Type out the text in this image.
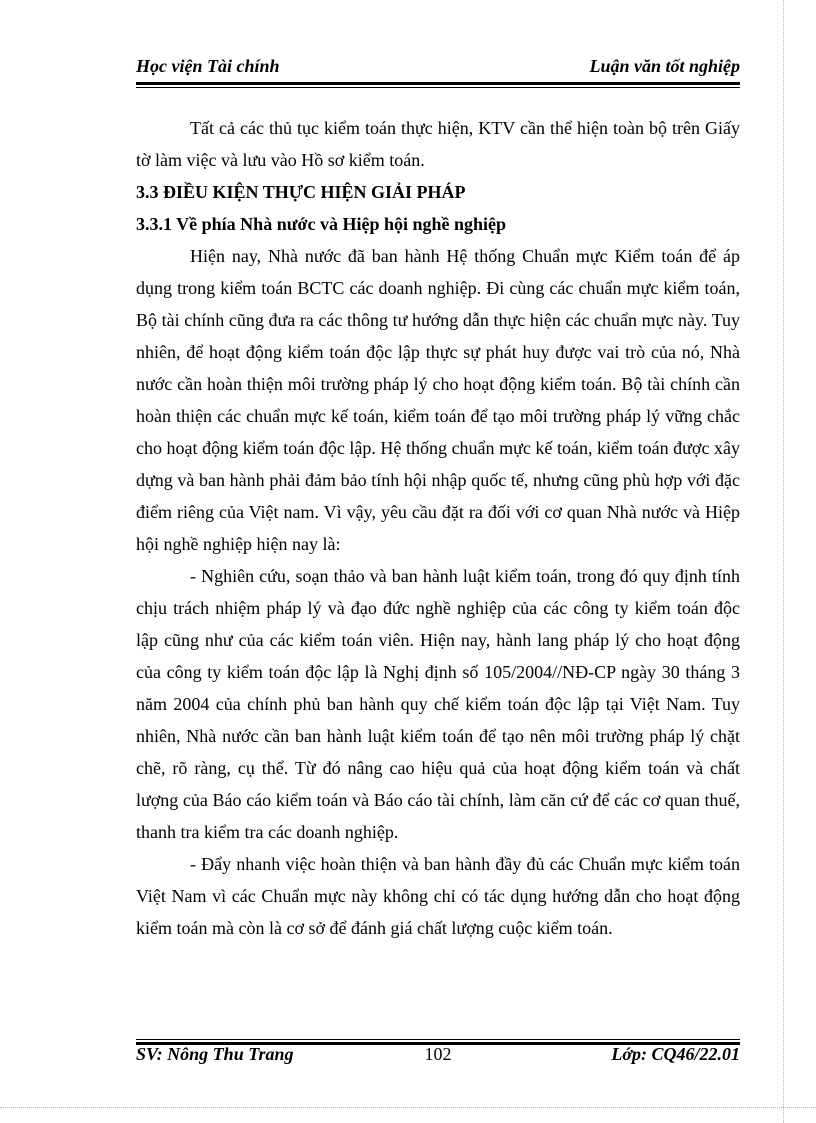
Học viện Tài chính	Luận văn tốt nghiệp

Tất cả các thủ tục kiểm toán thực hiện, KTV cần thể hiện toàn bộ trên Giấy tờ làm việc và lưu vào Hồ sơ kiểm toán.

3.3 ĐIỀU KIỆN THỰC HIỆN GIẢI PHÁP

3.3.1 Về phía Nhà nước và Hiệp hội nghề nghiệp

Hiện nay, Nhà nước đã ban hành Hệ thống Chuẩn mực Kiểm toán để áp dụng trong kiểm toán BCTC các doanh nghiệp. Đi cùng các chuẩn mực kiểm toán, Bộ tài chính cũng đưa ra các thông tư hướng dẫn thực hiện các chuẩn mực này. Tuy nhiên, để hoạt động kiểm toán độc lập thực sự phát huy được vai trò của nó, Nhà nước cần hoàn thiện môi trường pháp lý cho hoạt động kiểm toán. Bộ tài chính cần hoàn thiện các chuẩn mực kế toán, kiểm toán để tạo môi trường pháp lý vững chắc cho hoạt động kiểm toán độc lập. Hệ thống chuẩn mực kế toán, kiểm toán được xây dựng và ban hành phải đảm bảo tính hội nhập quốc tế, nhưng cũng phù hợp với đặc điểm riêng của Việt nam. Vì vậy, yêu cầu đặt ra đối với cơ quan Nhà nước và Hiệp hội nghề nghiệp hiện nay là:

- Nghiên cứu, soạn thảo và ban hành luật kiểm toán, trong đó quy định tính chịu trách nhiệm pháp lý và đạo đức nghề nghiệp của các công ty kiểm toán độc lập cũng như của các kiểm toán viên. Hiện nay, hành lang pháp lý cho hoạt động của công ty kiểm toán độc lập là Nghị định số 105/2004//NĐ-CP ngày 30 tháng 3 năm 2004 của chính phủ ban hành quy chế kiểm toán độc lập tại Việt Nam. Tuy nhiên, Nhà nước cần ban hành luật kiểm toán để tạo nên môi trường pháp lý chặt chẽ, rõ ràng, cụ thể. Từ đó nâng cao hiệu quả của hoạt động kiểm toán và chất lượng của Báo cáo kiểm toán và Báo cáo tài chính, làm căn cứ để các cơ quan thuế, thanh tra kiểm tra các doanh nghiệp.

- Đẩy nhanh việc hoàn thiện và ban hành đầy đủ các Chuẩn mực kiểm toán Việt Nam vì các Chuẩn mực này không chỉ có tác dụng hướng dẫn cho hoạt động kiểm toán mà còn là cơ sở để đánh giá chất lượng cuộc kiểm toán.

SV: Nông Thu Trang	102	Lớp: CQ46/22.01
